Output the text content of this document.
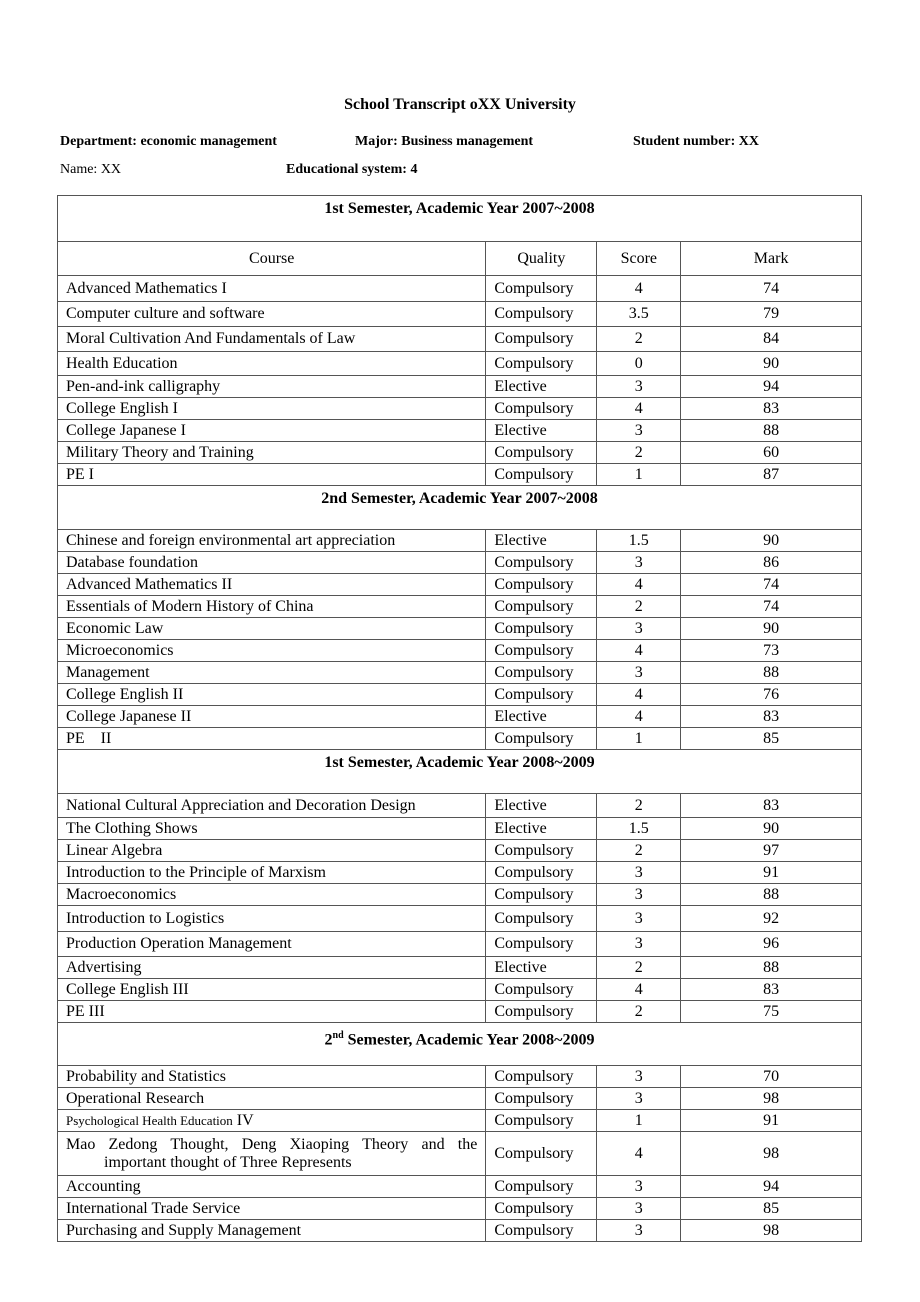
School Transcript oXX University
Department: economic management	Major: Business management	Student number: XX
Name: XX	Educational system: 4
1st Semester, Academic Year 2007~2008			
Course	Quality	Score	Mark
Advanced Mathematics I	Compulsory	4	74
Computer culture and software	Compulsory	3.5	79
Moral Cultivation And Fundamentals of Law	Compulsory	2	84
Health Education	Compulsory	0	90
Pen-and-ink calligraphy	Elective	3	94
College English I	Compulsory	4	83
College Japanese I	Elective	3	88
Military Theory and Training	Compulsory	2	60
PE I	Compulsory	1	87
2nd Semester, Academic Year 2007~2008			
Chinese and foreign environmental art appreciation	Elective	1.5	90
Database foundation	Compulsory	3	86
Advanced Mathematics II	Compulsory	4	74
Essentials of Modern History of China	Compulsory	2	74
Economic Law	Compulsory	3	90
Microeconomics	Compulsory	4	73
Management	Compulsory	3	88
College English II	Compulsory	4	76
College Japanese II	Elective	4	83
PE II	Compulsory	1	85
1st Semester, Academic Year 2008~2009			
National Cultural Appreciation and Decoration Design	Elective	2	83
The Clothing Shows	Elective	1.5	90
Linear Algebra	Compulsory	2	97
Introduction to the Principle of Marxism	Compulsory	3	91
Macroeconomics	Compulsory	3	88
Introduction to Logistics	Compulsory	3	92
Production Operation Management	Compulsory	3	96
Advertising	Elective	2	88
College English III	Compulsory	4	83
PE III	Compulsory	2	75
2nd Semester, Academic Year 2008~2009			
Probability and Statistics	Compulsory	3	70
Operational Research	Compulsory	3	98
Psychological Health Education IV	Compulsory	1	91

Mao Zedong Thought, Deng Xiaoping Theory and the
important thought of Three Represents	Compulsory	4	98
Accounting	Compulsory	3	94
International Trade Service	Compulsory	3	85
Purchasing and Supply Management	Compulsory	3	98
